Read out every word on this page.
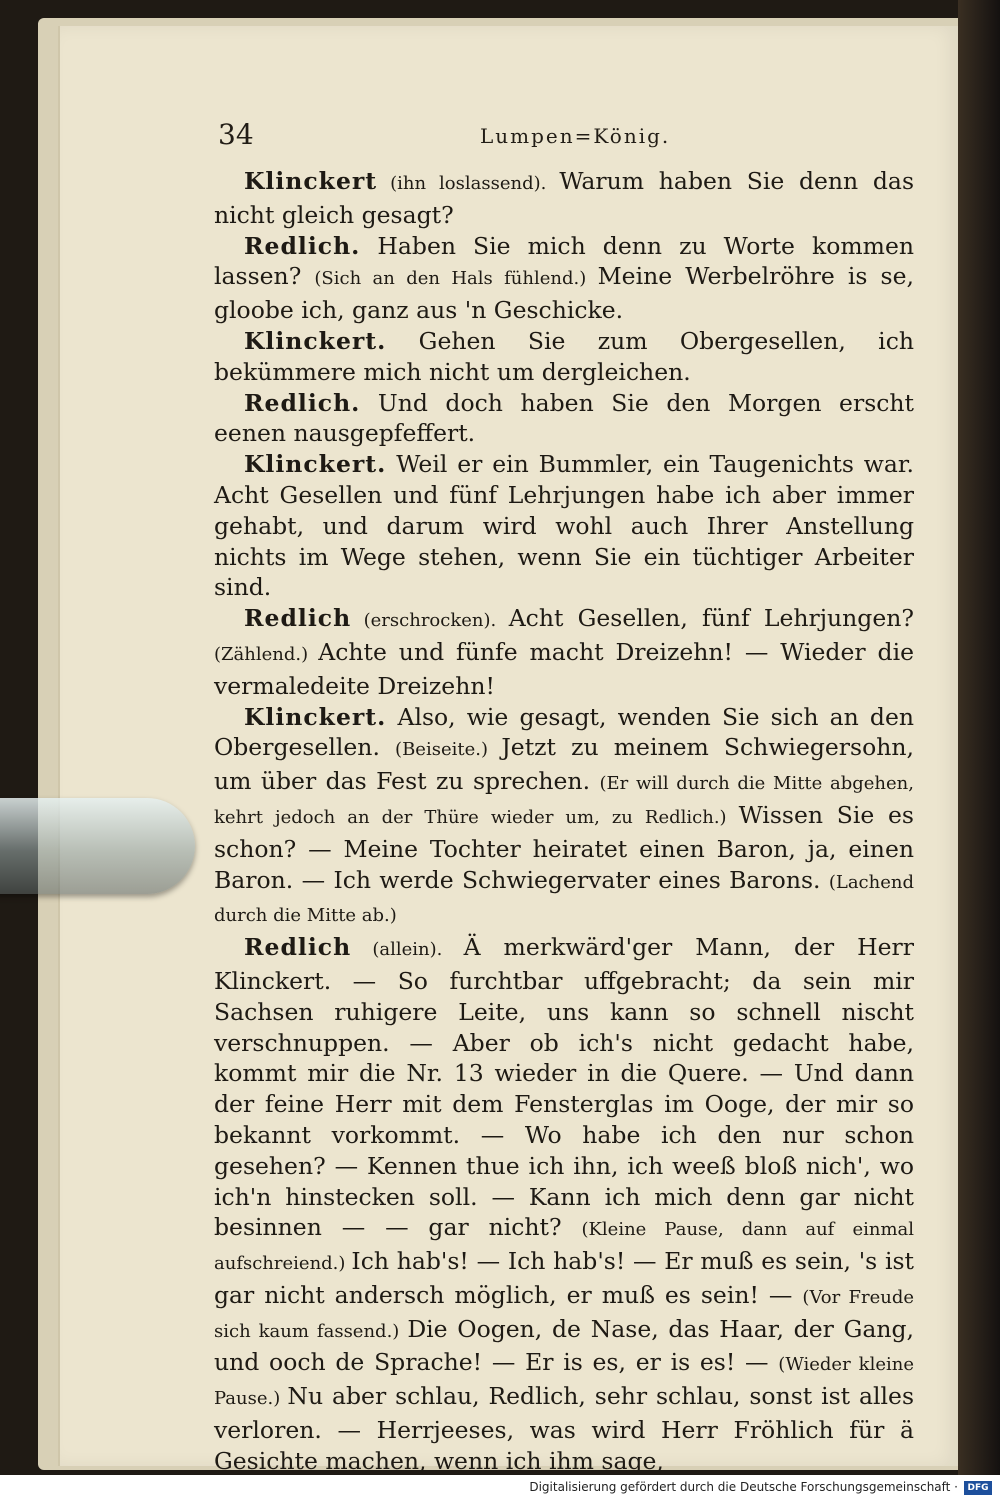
34	Lumpen=König.

Klinckert (ihn loslassend). Warum haben Sie denn das nicht gleich gesagt?

Redlich. Haben Sie mich denn zu Worte kommen lassen? (Sich an den Hals fühlend.) Meine Werbelröhre is se, gloobe ich, ganz aus 'n Geschicke.

Klinckert. Gehen Sie zum Obergesellen, ich bekümmere mich nicht um dergleichen.

Redlich. Und doch haben Sie den Morgen erscht eenen nausgepfeffert.

Klinckert. Weil er ein Bummler, ein Taugenichts war. Acht Gesellen und fünf Lehrjungen habe ich aber immer gehabt, und darum wird wohl auch Ihrer Anstellung nichts im Wege stehen, wenn Sie ein tüchtiger Arbeiter sind.

Redlich (erschrocken). Acht Gesellen, fünf Lehrjungen? (Zählend.) Achte und fünfe macht Dreizehn! — Wieder die vermaledeite Dreizehn!

Klinckert. Also, wie gesagt, wenden Sie sich an den Obergesellen. (Beiseite.) Jetzt zu meinem Schwiegersohn, um über das Fest zu sprechen. (Er will durch die Mitte abgehen, kehrt jedoch an der Thüre wieder um, zu Redlich.) Wissen Sie es schon? — Meine Tochter heiratet einen Baron, ja, einen Baron. — Ich werde Schwiegervater eines Barons. (Lachend durch die Mitte ab.)

Redlich (allein). Ä merkwärd'ger Mann, der Herr Klinckert. — So furchtbar uffgebracht; da sein mir Sachsen ruhigere Leite, uns kann so schnell nischt verschnuppen. — Aber ob ich's nicht gedacht habe, kommt mir die Nr. 13 wieder in die Quere. — Und dann der feine Herr mit dem Fensterglas im Ooge, der mir so bekannt vorkommt. — Wo habe ich den nur schon gesehen? — Kennen thue ich ihn, ich weeß bloß nich', wo ich'n hinstecken soll. — Kann ich mich denn gar nicht besinnen — — gar nicht? (Kleine Pause, dann auf einmal aufschreiend.) Ich hab's! — Ich hab's! — Er muß es sein, 's ist gar nicht andersch möglich, er muß es sein! — (Vor Freude sich kaum fassend.) Die Oogen, de Nase, das Haar, der Gang, und ooch de Sprache! — Er is es, er is es! — (Wieder kleine Pause.) Nu aber schlau, Redlich, sehr schlau, sonst ist alles verloren. — Herrjeeses, was wird Herr Fröhlich für ä Gesichte machen, wenn ich ihm sage,

Digitalisierung gefördert durch die Deutsche Forschungsgemeinschaft ·	DFG
